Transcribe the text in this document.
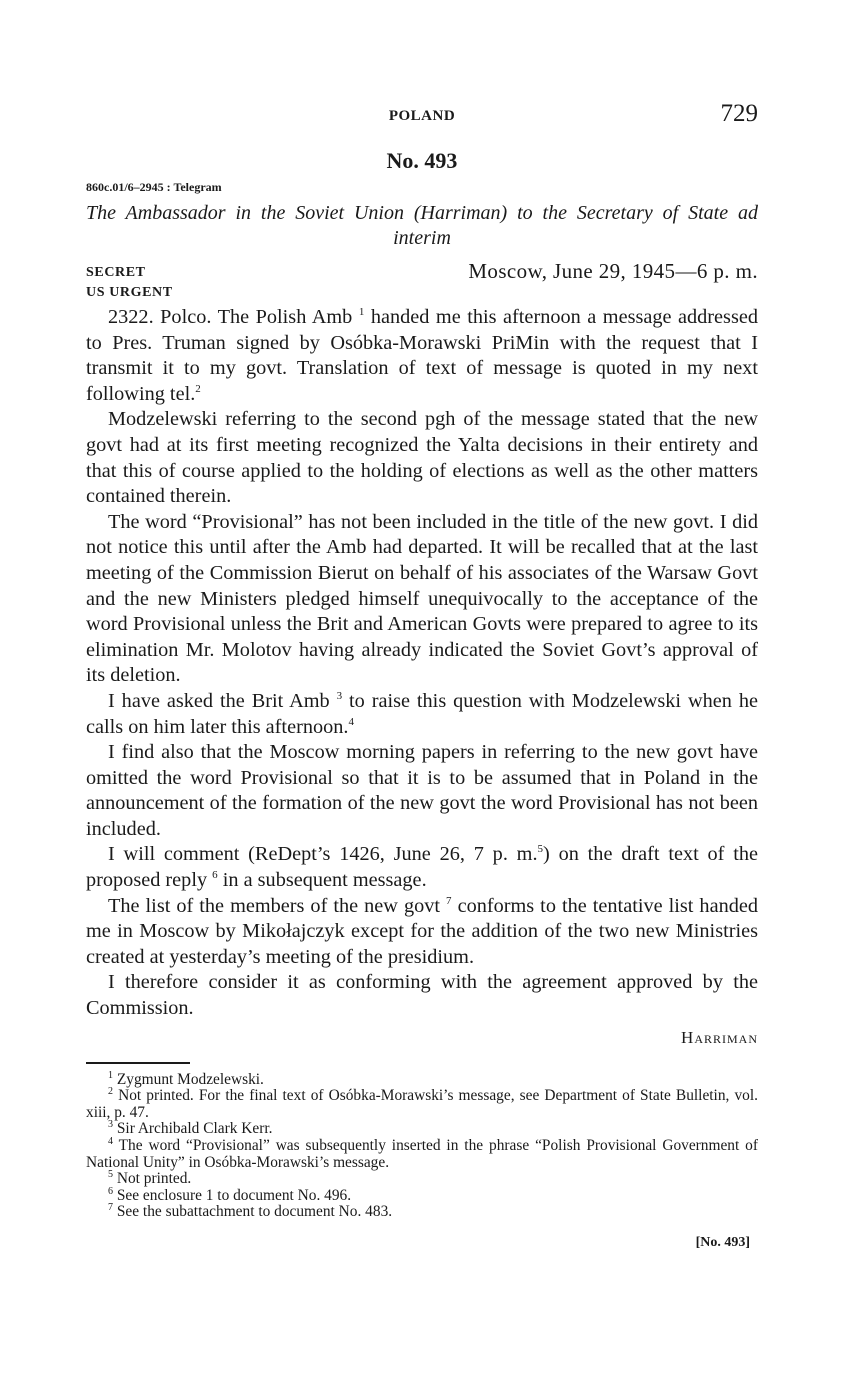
POLAND	729
No. 493
860c.01/6–2945 : Telegram
The Ambassador in the Soviet Union (Harriman) to the Secretary of State ad interim
SECRET	Moscow, June 29, 1945—6 p. m.
US URGENT

2322. Polco. The Polish Amb $^1$ handed me this afternoon a message addressed to Pres. Truman signed by Osóbka-Morawski PriMin with the request that I transmit it to my govt. Translation of text of message is quoted in my next following tel.$^2$

Modzelewski referring to the second pgh of the message stated that the new govt had at its first meeting recognized the Yalta decisions in their entirety and that this of course applied to the holding of elections as well as the other matters contained therein.

The word “Provisional” has not been included in the title of the new govt. I did not notice this until after the Amb had departed. It will be recalled that at the last meeting of the Commission Bierut on behalf of his associates of the Warsaw Govt and the new Ministers pledged himself unequivocally to the acceptance of the word Provisional unless the Brit and American Govts were prepared to agree to its elimination Mr. Molotov having already indicated the Soviet Govt’s approval of its deletion.

I have asked the Brit Amb $^3$ to raise this question with Modzelewski when he calls on him later this afternoon.$^4$

I find also that the Moscow morning papers in referring to the new govt have omitted the word Provisional so that it is to be assumed that in Poland in the announcement of the formation of the new govt the word Provisional has not been included.

I will comment (ReDept’s 1426, June 26, 7 p. m.$^5$) on the draft text of the proposed reply $^6$ in a subsequent message.

The list of the members of the new govt $^7$ conforms to the tentative list handed me in Moscow by Mikołajczyk except for the addition of the two new Ministries created at yesterday’s meeting of the presidium.

I therefore consider it as conforming with the agreement approved by the Commission.

Harriman

$^1$ Zygmunt Modzelewski.

$^2$ Not printed. For the final text of Osóbka-Morawski’s message, see Department of State Bulletin, vol. xiii, p. 47.

$^3$ Sir Archibald Clark Kerr.

$^4$ The word “Provisional” was subsequently inserted in the phrase “Polish Provisional Government of National Unity” in Osóbka-Morawski’s message.

$^5$ Not printed.

$^6$ See enclosure 1 to document No. 496.

$^7$ See the subattachment to document No. 483.

[No. 493]
